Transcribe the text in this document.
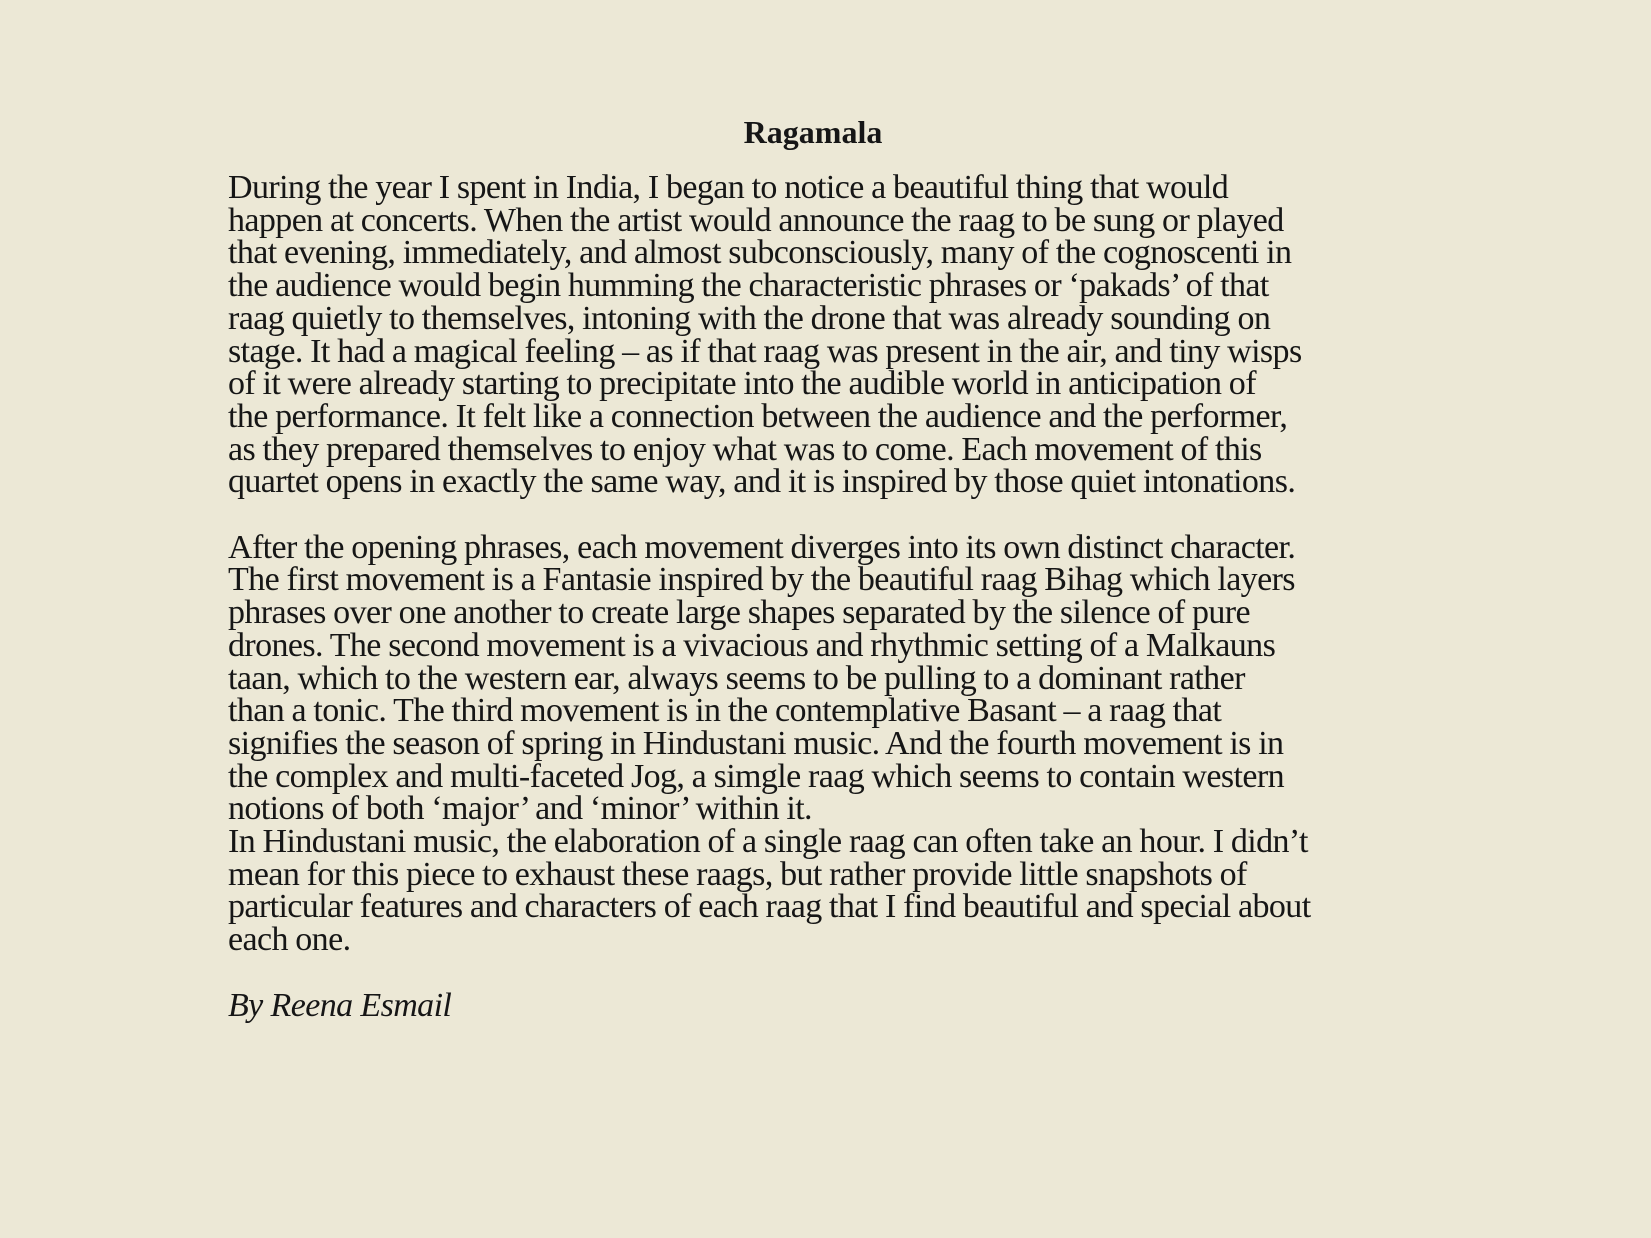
Ragamala

During the year I spent in India, I began to notice a beautiful thing that would
happen at concerts. When the artist would announce the raag to be sung or played
that evening, immediately, and almost subconsciously, many of the cognoscenti in
the audience would begin humming the characteristic phrases or ‘pakads’ of that
raag quietly to themselves, intoning with the drone that was already sounding on
stage. It had a magical feeling – as if that raag was present in the air, and tiny wisps
of it were already starting to precipitate into the audible world in anticipation of
the performance. It felt like a connection between the audience and the performer,
as they prepared themselves to enjoy what was to come. Each movement of this
quartet opens in exactly the same way, and it is inspired by those quiet intonations.

After the opening phrases, each movement diverges into its own distinct character.
The first movement is a Fantasie inspired by the beautiful raag Bihag which layers
phrases over one another to create large shapes separated by the silence of pure
drones. The second movement is a vivacious and rhythmic setting of a Malkauns
taan, which to the western ear, always seems to be pulling to a dominant rather
than a tonic. The third movement is in the contemplative Basant – a raag that
signifies the season of spring in Hindustani music. And the fourth movement is in
the complex and multi-faceted Jog, a simgle raag which seems to contain western
notions of both ‘major’ and ‘minor’ within it.

In Hindustani music, the elaboration of a single raag can often take an hour. I didn’t
mean for this piece to exhaust these raags, but rather provide little snapshots of
particular features and characters of each raag that I find beautiful and special about
each one.

By Reena Esmail
